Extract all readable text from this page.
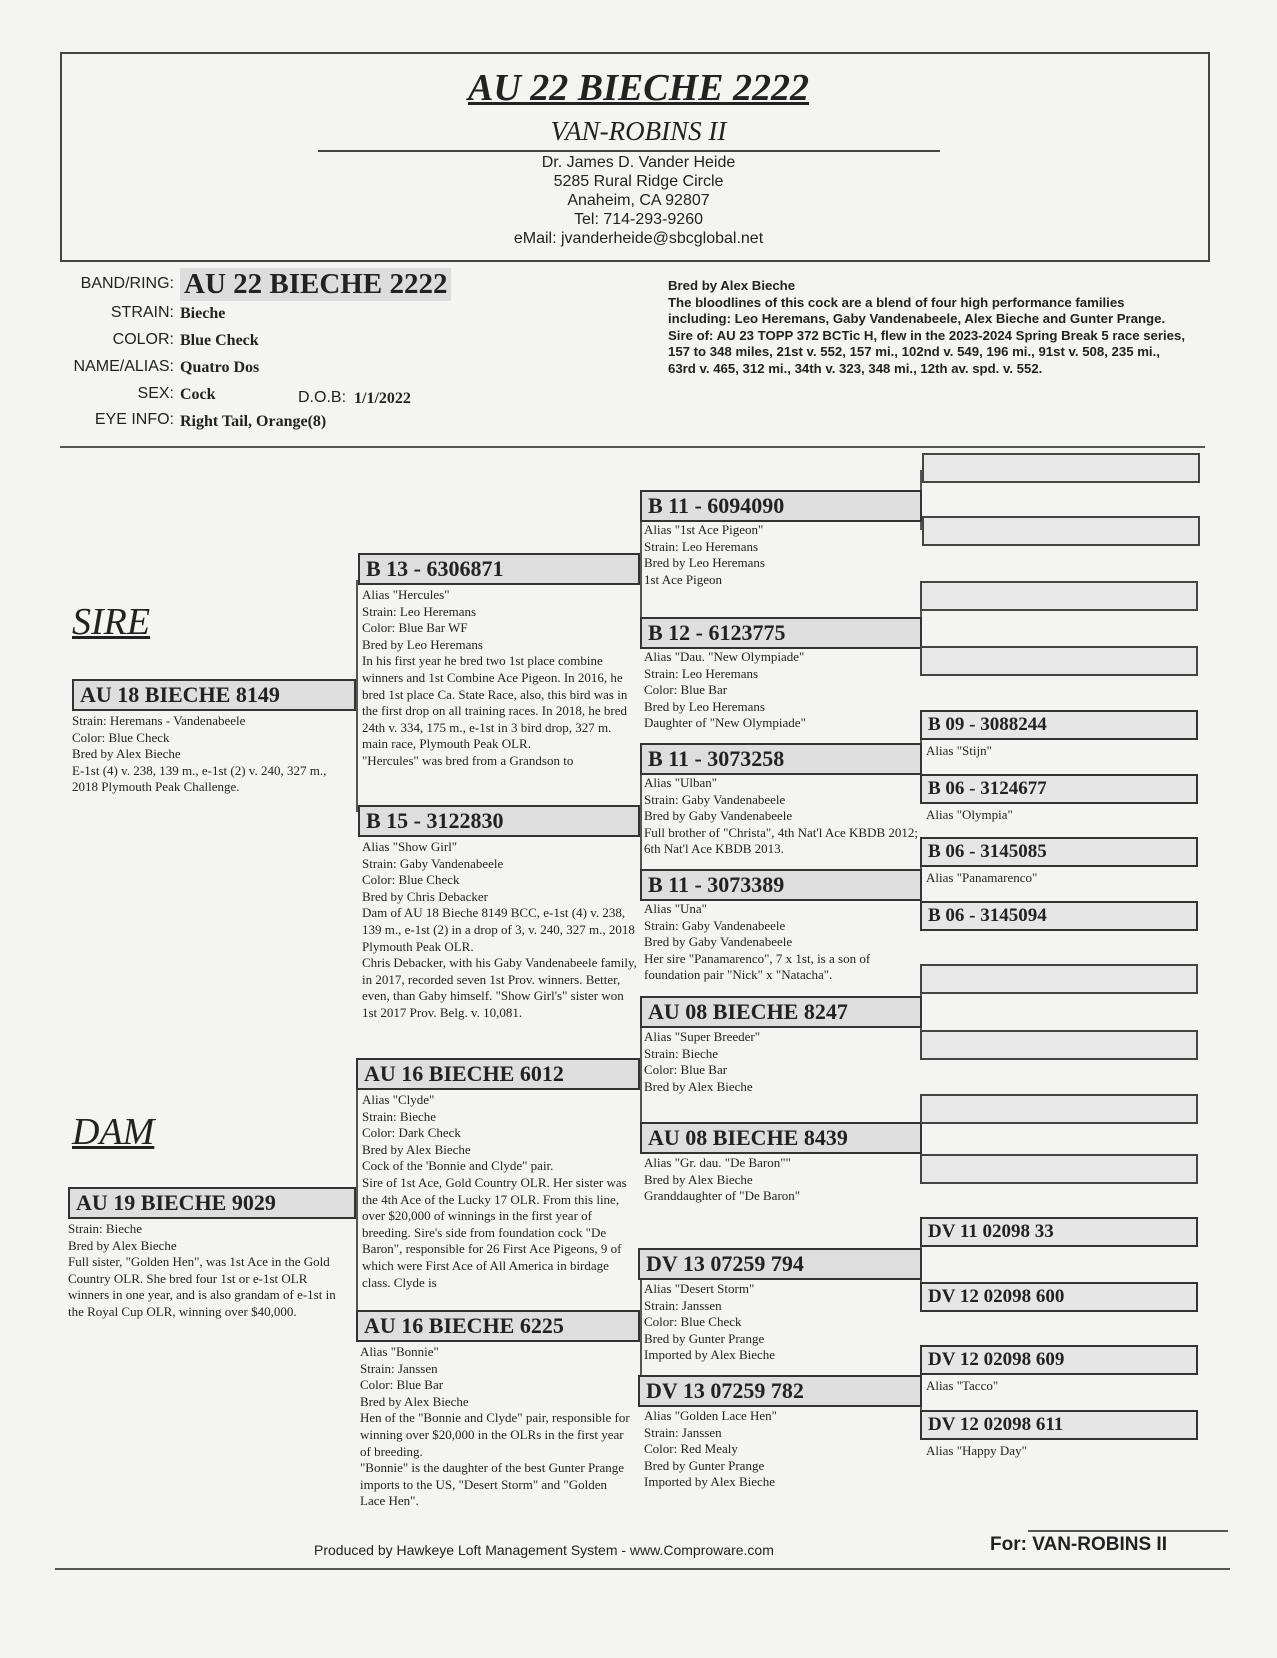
AU 22 BIECHE 2222
VAN-ROBINS II
Dr. James D. Vander Heide
5285 Rural Ridge Circle
Anaheim, CA 92807
Tel: 714-293-9260
eMail: jvanderheide@sbcglobal.net
BAND/RING: AU 22 BIECHE 2222
STRAIN: Bieche
COLOR: Blue Check
NAME/ALIAS: Quatro Dos
SEX: Cock	D.O.B: 1/1/2022
EYE INFO: Right Tail, Orange(8)
Bred by Alex Bieche
The bloodlines of this cock are a blend of four high performance families including: Leo Heremans, Gaby Vandenabeele, Alex Bieche and Gunter Prange.
Sire of: AU 23 TOPP 372 BCTic H, flew in the 2023-2024 Spring Break 5 race series, 157 to 348 miles, 21st v. 552, 157 mi., 102nd v. 549, 196 mi., 91st v. 508, 235 mi., 63rd v. 465, 312 mi., 34th v. 323, 348 mi., 12th av. spd. v. 552.
SIRE
DAM
AU 18 BIECHE 8149
Strain: Heremans - Vandenabeele
Color: Blue Check
Bred by Alex Bieche
E-1st (4) v. 238, 139 m., e-1st (2) v. 240, 327 m., 2018 Plymouth Peak Challenge.
AU 19 BIECHE 9029
Strain: Bieche
Bred by Alex Bieche
Full sister, "Golden Hen", was 1st Ace in the Gold Country OLR. She bred four 1st or e-1st OLR winners in one year, and is also grandam of e-1st in the Royal Cup OLR, winning over $40,000.
B 13 - 6306871
Alias "Hercules"
Strain: Leo Heremans
Color: Blue Bar WF
Bred by Leo Heremans
In his first year he bred two 1st place combine winners and 1st Combine Ace Pigeon. In 2016, he bred 1st place Ca. State Race, also, this bird was in the first drop on all training races. In 2018, he bred 24th v. 334, 175 m., e-1st in 3 bird drop, 327 m. main race, Plymouth Peak OLR.
"Hercules" was bred from a Grandson to
B 15 - 3122830
Alias "Show Girl"
Strain: Gaby Vandenabeele
Color: Blue Check
Bred by Chris Debacker
Dam of AU 18 Bieche 8149 BCC, e-1st (4) v. 238, 139 m., e-1st (2) in a drop of 3, v. 240, 327 m., 2018 Plymouth Peak OLR.
Chris Debacker, with his Gaby Vandenabeele family, in 2017, recorded seven 1st Prov. winners. Better, even, than Gaby himself. "Show Girl's" sister won 1st 2017 Prov. Belg. v. 10,081.
AU 16 BIECHE 6012
Alias "Clyde"
Strain: Bieche
Color: Dark Check
Bred by Alex Bieche
Cock of the 'Bonnie and Clyde" pair.
Sire of 1st Ace, Gold Country OLR. Her sister was the 4th Ace of the Lucky 17 OLR. From this line, over $20,000 of winnings in the first year of breeding. Sire's side from foundation cock "De Baron", responsible for 26 First Ace Pigeons, 9 of which were First Ace of All America in birdage class. Clyde is
AU 16 BIECHE 6225
Alias "Bonnie"
Strain: Janssen
Color: Blue Bar
Bred by Alex Bieche
Hen of the "Bonnie and Clyde" pair, responsible for winning over $20,000 in the OLRs in the first year of breeding.
"Bonnie" is the daughter of the best Gunter Prange imports to the US, "Desert Storm" and "Golden Lace Hen".
B 11 - 6094090
Alias "1st Ace Pigeon"
Strain: Leo Heremans
Bred by Leo Heremans
1st Ace Pigeon
B 12 - 6123775
Alias "Dau. "New Olympiade"
Strain: Leo Heremans
Color: Blue Bar
Bred by Leo Heremans
Daughter of "New Olympiade"
B 11 - 3073258
Alias "Ulban"
Strain: Gaby Vandenabeele
Bred by Gaby Vandenabeele
Full brother of "Christa", 4th Nat'l Ace KBDB 2012; 6th Nat'l Ace KBDB 2013.
B 11 - 3073389
Alias "Una"
Strain: Gaby Vandenabeele
Bred by Gaby Vandenabeele
Her sire "Panamarenco", 7 x 1st, is a son of foundation pair "Nick" x "Natacha".
AU 08 BIECHE 8247
Alias "Super Breeder"
Strain: Bieche
Color: Blue Bar
Bred by Alex Bieche
AU 08 BIECHE 8439
Alias "Gr. dau. "De Baron""
Bred by Alex Bieche
Granddaughter of "De Baron"
DV 13 07259 794
Alias "Desert Storm"
Strain: Janssen
Color: Blue Check
Bred by Gunter Prange
Imported by Alex Bieche
DV 13 07259 782
Alias "Golden Lace Hen"
Strain: Janssen
Color: Red Mealy
Bred by Gunter Prange
Imported by Alex Bieche
B 09 - 3088244
Alias "Stijn"
B 06 - 3124677
Alias "Olympia"
B 06 - 3145085
Alias "Panamarenco"
B 06 - 3145094
DV 11 02098 33
DV 12 02098 600
DV 12 02098 609
Alias "Tacco"
DV 12 02098 611
Alias "Happy Day"
Produced by Hawkeye Loft Management System - www.Comproware.com	For: VAN-ROBINS II
